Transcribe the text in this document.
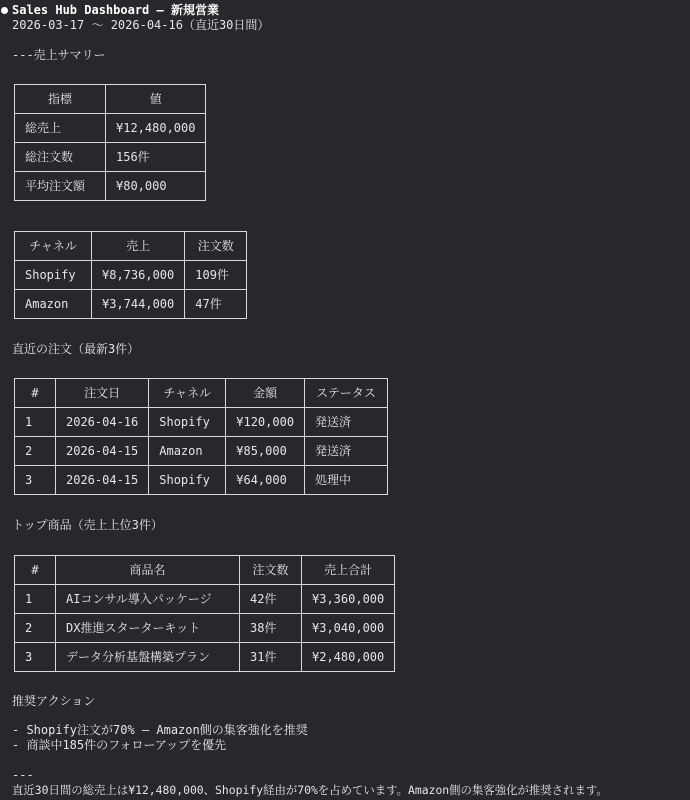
Sales Hub Dashboard — 新規営業
2026-03-17 〜 2026-04-16（直近30日間）
---売上サマリー
指標	値
総売上	¥12,480,000
総注文数	156件
平均注文額	¥80,000
チャネル	売上	注文数
Shopify	¥8,736,000	109件
Amazon	¥3,744,000	47件
直近の注文（最新3件）
#	注文日	チャネル	金額	ステータス
1	2026-04-16	Shopify	¥120,000	発送済
2	2026-04-15	Amazon	¥85,000	発送済
3	2026-04-15	Shopify	¥64,000	処理中
トップ商品（売上上位3件）
#	商品名	注文数	売上合計
1	AIコンサル導入パッケージ	42件	¥3,360,000
2	DX推進スターターキット	38件	¥3,040,000
3	データ分析基盤構築プラン	31件	¥2,480,000
推奨アクション
- Shopify注文が70% — Amazon側の集客強化を推奨
- 商談中185件のフォローアップを優先
---
直近30日間の総売上は¥12,480,000、Shopify経由が70%を占めています。Amazon側の集客強化が推奨されます。
